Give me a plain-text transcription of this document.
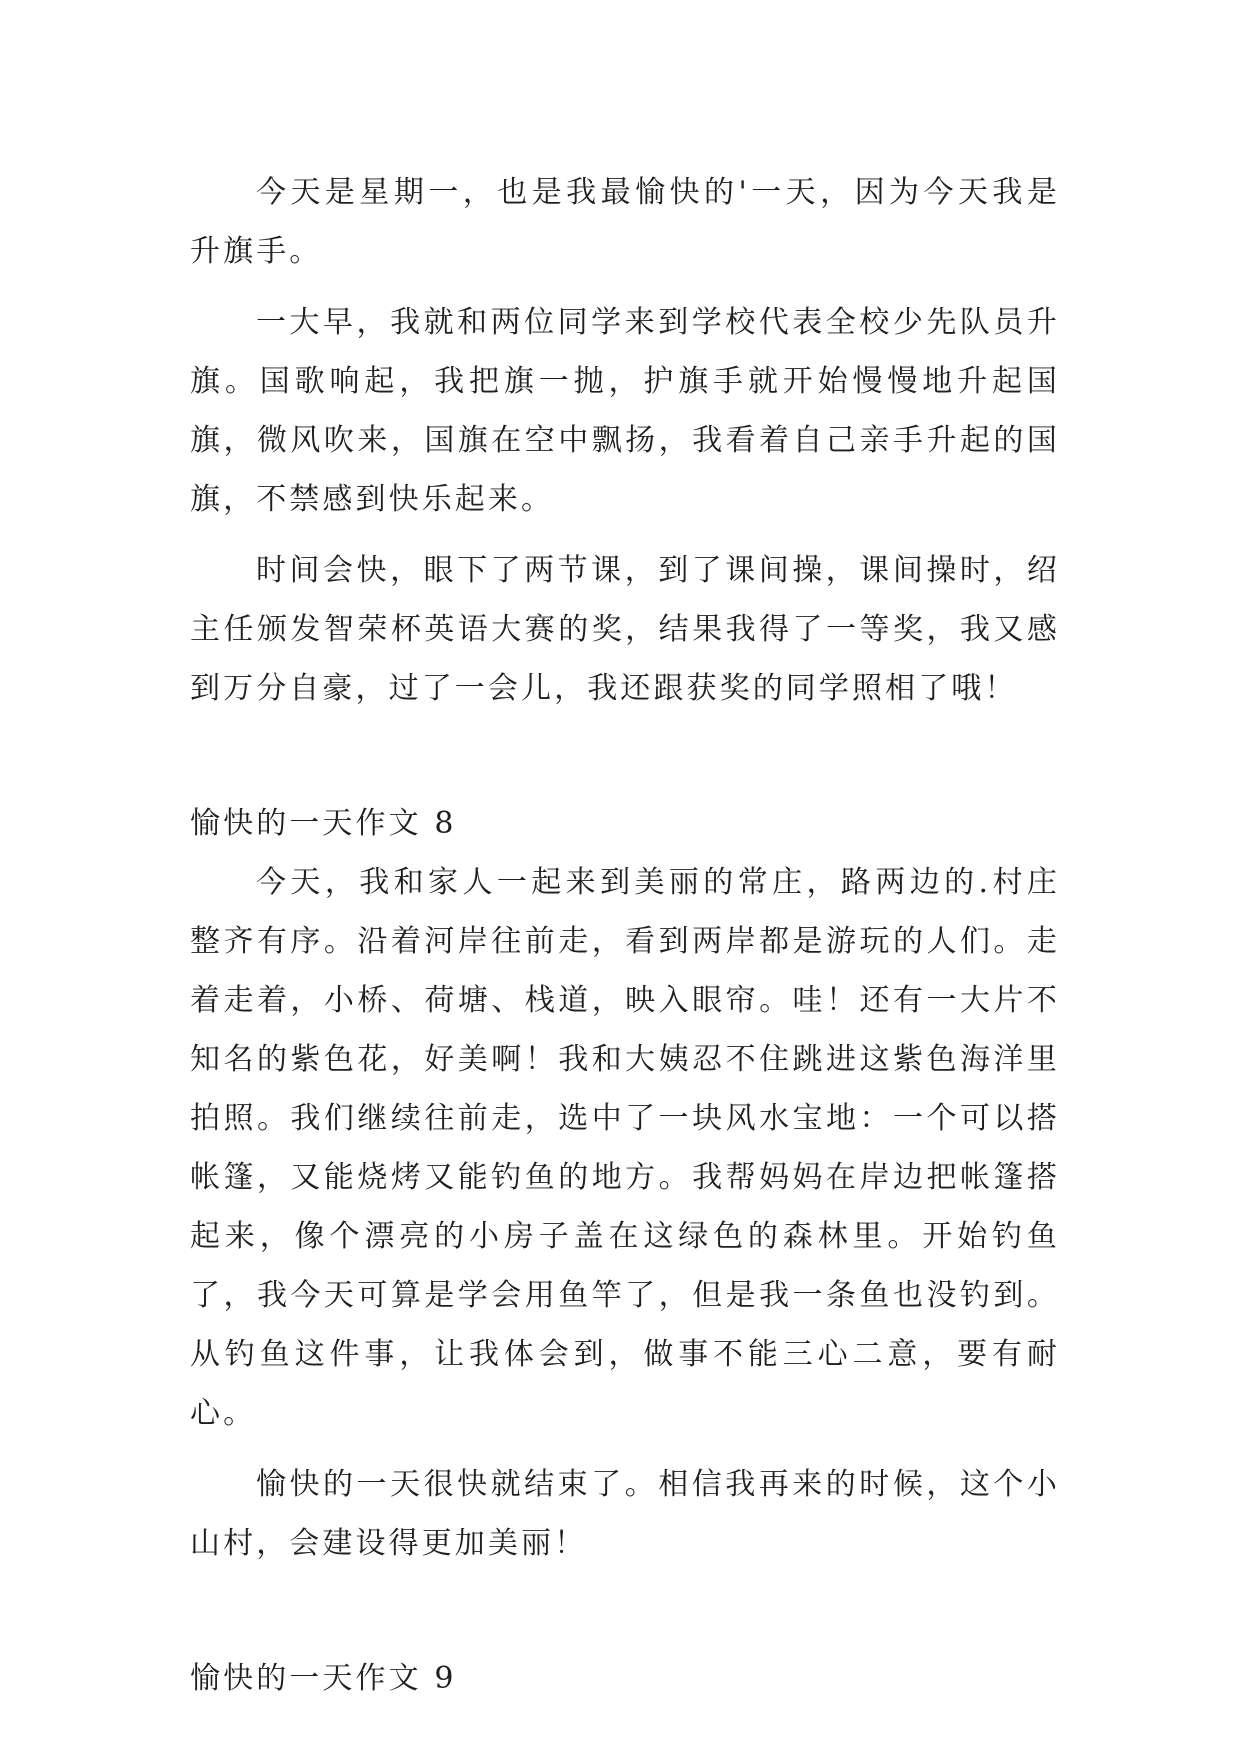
今天是星期一，也是我最愉快的'一天，因为今天我是升旗手。

一大早，我就和两位同学来到学校代表全校少先队员升旗。国歌响起，我把旗一抛，护旗手就开始慢慢地升起国旗，微风吹来，国旗在空中飘扬，我看着自己亲手升起的国旗，不禁感到快乐起来。

时间会快，眼下了两节课，到了课间操，课间操时，绍主任颁发智荣杯英语大赛的奖，结果我得了一等奖，我又感到万分自豪，过了一会儿，我还跟获奖的同学照相了哦！

愉快的一天作文 8

今天，我和家人一起来到美丽的常庄，路两边的.村庄整齐有序。沿着河岸往前走，看到两岸都是游玩的人们。走着走着，小桥、荷塘、栈道，映入眼帘。哇！还有一大片不知名的紫色花，好美啊！我和大姨忍不住跳进这紫色海洋里拍照。我们继续往前走，选中了一块风水宝地：一个可以搭帐篷，又能烧烤又能钓鱼的地方。我帮妈妈在岸边把帐篷搭起来，像个漂亮的小房子盖在这绿色的森林里。开始钓鱼了，我今天可算是学会用鱼竿了，但是我一条鱼也没钓到。从钓鱼这件事，让我体会到，做事不能三心二意，要有耐心。

愉快的一天很快就结束了。相信我再来的时候，这个小山村，会建设得更加美丽！

愉快的一天作文 9
